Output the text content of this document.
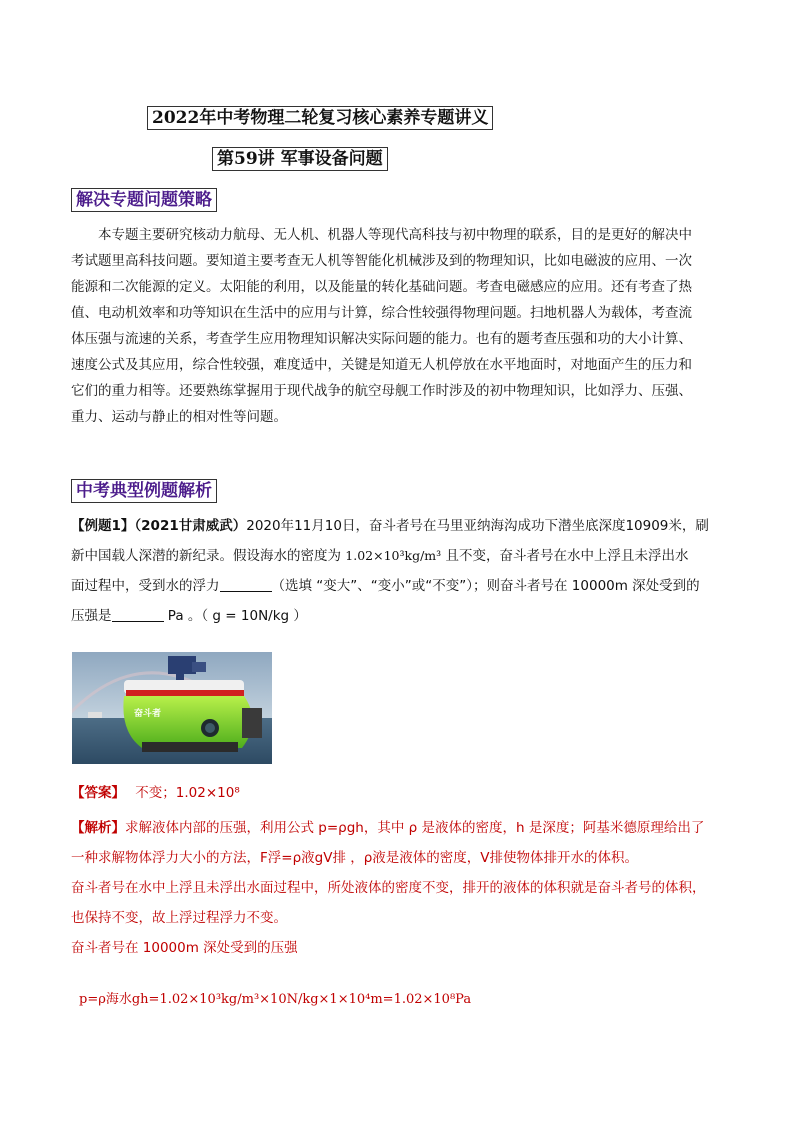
2022年中考物理二轮复习核心素养专题讲义
第59讲 军事设备问题
解决专题问题策略
本专题主要研究核动力航母、无人机、机器人等现代高科技与初中物理的联系，目的是更好的解决中
考试题里高科技问题。要知道主要考查无人机等智能化机械涉及到的物理知识，比如电磁波的应用、一次
能源和二次能源的定义。太阳能的利用，以及能量的转化基础问题。考查电磁感应的应用。还有考查了热
值、电动机效率和功等知识在生活中的应用与计算，综合性较强得物理问题。扫地机器人为载体，考查流
体压强与流速的关系，考查学生应用物理知识解决实际问题的能力。也有的题考查压强和功的大小计算、
速度公式及其应用，综合性较强，难度适中，关键是知道无人机停放在水平地面时，对地面产生的压力和
它们的重力相等。还要熟练掌握用于现代战争的航空母舰工作时涉及的初中物理知识，比如浮力、压强、
重力、运动与静止的相对性等问题。
中考典型例题解析
【例题1】（2021甘肃威武）2020年11月10日，奋斗者号在马里亚纳海沟成功下潜坐底深度10909米，刷
新中国载人深潜的新纪录。假设海水的密度为 1.02×10³kg/m³ 且不变，奋斗者号在水中上浮且未浮出水
面过程中，受到水的浮力	（选填 “变大”、“变小”或“不变”）；则奋斗者号在 10000m 深处受到的
压强是	Pa 。（ g = 10N/kg ）
奋斗者
【答案】 不变；1.02×10⁸
【解析】求解液体内部的压强，利用公式 p=ρgh，其中 ρ 是液体的密度，h 是深度；阿基米德原理给出了
一种求解物体浮力大小的方法，F浮=ρ液gV排 ，ρ液是液体的密度，V排使物体排开水的体积。
奋斗者号在水中上浮且未浮出水面过程中，所处液体的密度不变，排开的液体的体积就是奋斗者号的体积，
也保持不变，故上浮过程浮力不变。
奋斗者号在 10000m 深处受到的压强
p=ρ海水gh=1.02×10³kg/m³×10N/kg×1×10⁴m=1.02×10⁸Pa
